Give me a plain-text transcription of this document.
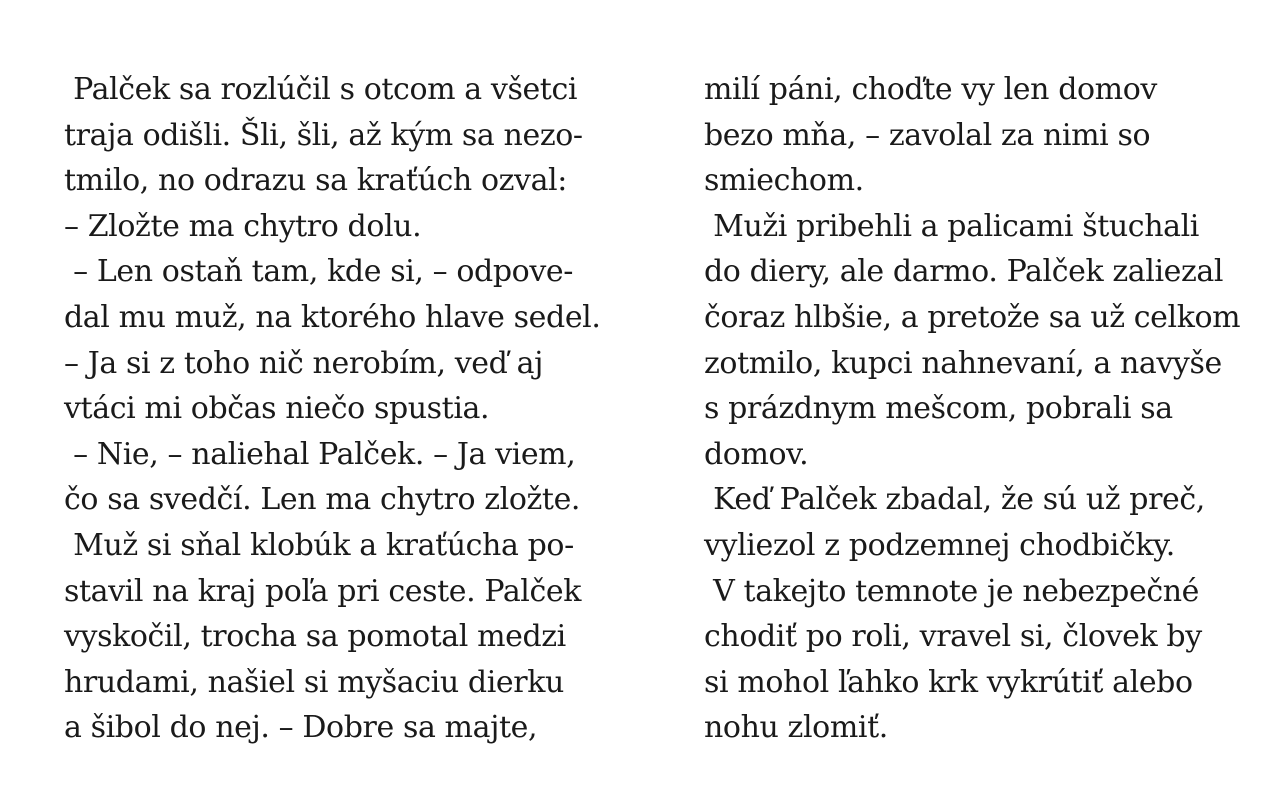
Palček sa rozlúčil s otcom a všetci
traja odišli. Šli, šli, až kým sa nezo-
tmilo, no odrazu sa kraťúch ozval:
– Zložte ma chytro dolu.
– Len ostaň tam, kde si, – odpove-
dal mu muž, na ktorého hlave sedel.
– Ja si z toho nič nerobím, veď aj
vtáci mi občas niečo spustia.
– Nie, – naliehal Palček. – Ja viem,
čo sa svedčí. Len ma chytro zložte.
Muž si sňal klobúk a kraťúcha po-
stavil na kraj poľa pri ceste. Palček
vyskočil, trocha sa pomotal medzi
hrudami, našiel si myšaciu dierku
a šibol do nej. – Dobre sa majte,
milí páni, choďte vy len domov
bezo mňa, – zavolal za nimi so
smiechom.
Muži pribehli a palicami štuchali
do diery, ale darmo. Palček zaliezal
čoraz hlbšie, a pretože sa už celkom
zotmilo, kupci nahnevaní, a navyše
s prázdnym mešcom, pobrali sa
domov.
Keď Palček zbadal, že sú už preč,
vyliezol z podzemnej chodbičky.
V takejto temnote je nebezpečné
chodiť po roli, vravel si, človek by
si mohol ľahko krk vykrútiť alebo
nohu zlomiť.
